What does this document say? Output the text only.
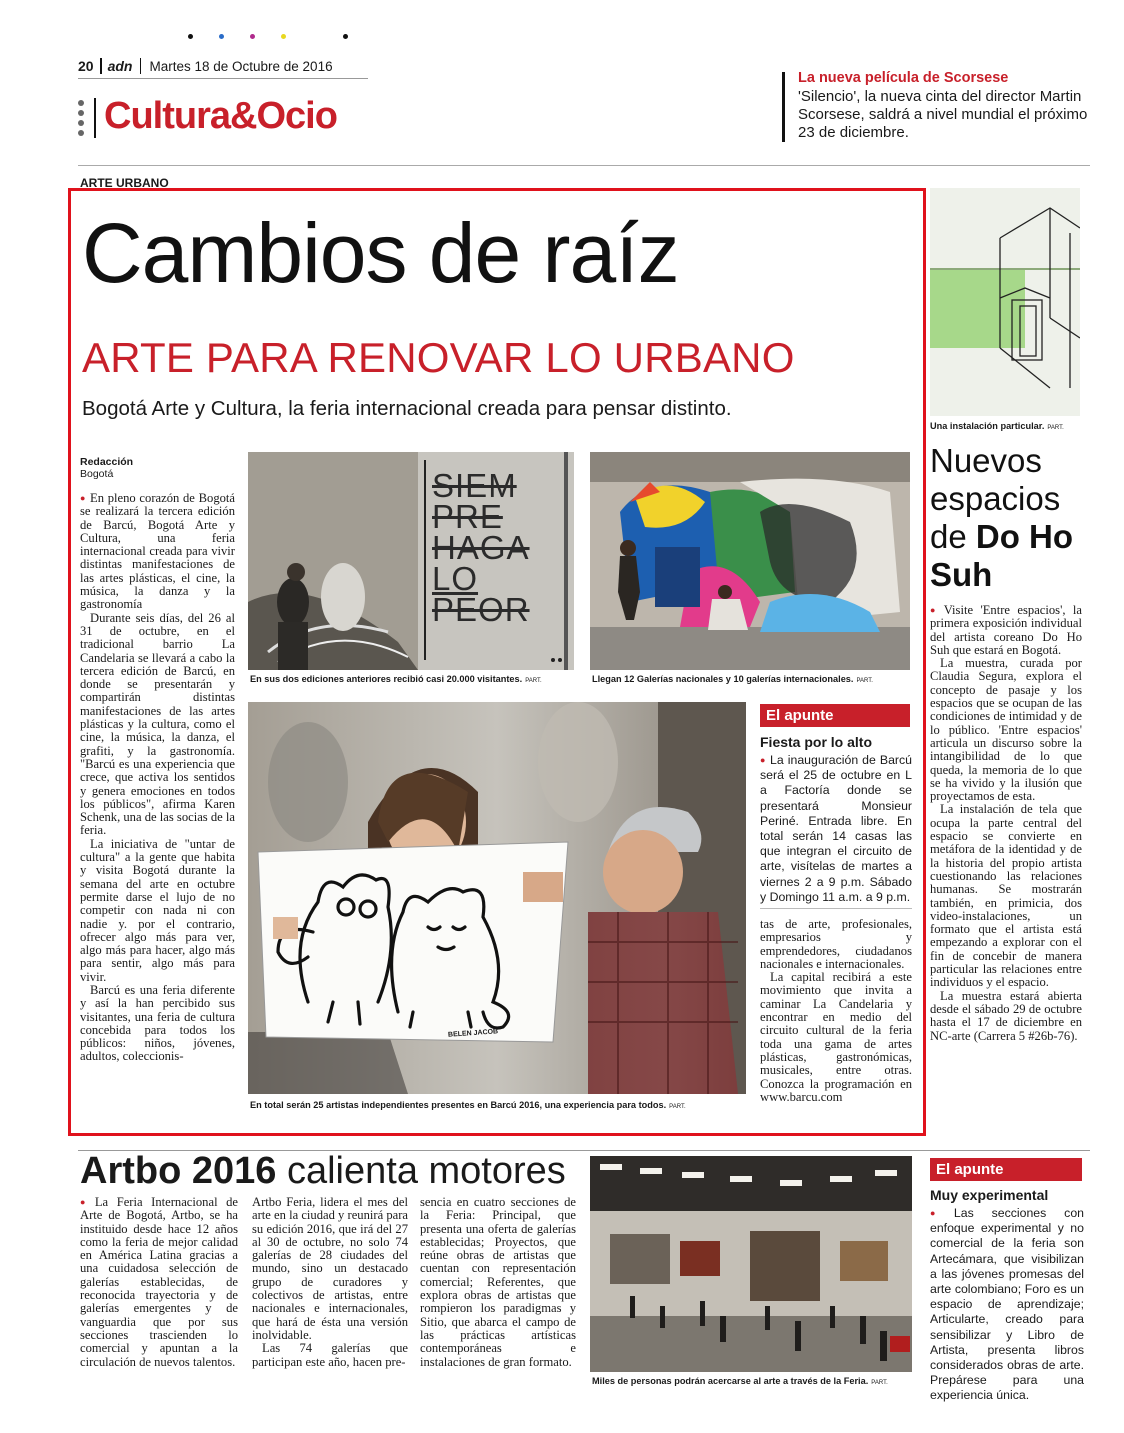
20 adn Martes 18 de Octubre de 2016
Cultura&Ocio
La nueva película de Scorsese
'Silencio', la nueva cinta del director Martin Scorsese, saldrá a nivel mundial el próximo 23 de diciembre.
ARTE URBANO
Cambios de raíz
ARTE PARA RENOVAR LO URBANO
Bogotá Arte y Cultura, la feria internacional creada para pensar distinto.
Redacción
Bogotá

● En pleno corazón de Bogotá se realizará la tercera edición de Barcú, Bogotá Arte y Cultura, una feria internacional creada para vivir distintas manifestaciones de las artes plásticas, el cine, la música, la danza y la gastronomía

Durante seis días, del 26 al 31 de octubre, en el tradicional barrio La Candelaria se llevará a cabo la tercera edición de Barcú, en donde se presentarán y compartirán distintas manifestaciones de las artes plásticas y la cultura, como el cine, la música, la danza, el grafiti, y la gastronomía. "Barcú es una experiencia que crece, que activa los sentidos y genera emociones en todos los públicos", afirma Karen Schenk, una de las socias de la feria.

La iniciativa de "untar de cultura" a la gente que habita y visita Bogotá durante la semana del arte en octubre permite darse el lujo de no competir con nada ni con nadie y. por el contrario, ofrecer algo más para ver, algo más para hacer, algo más para sentir, algo más para vivir.

Barcú es una feria diferente y así la han percibido sus visitantes, una feria de cultura concebida para todos los públicos: niños, jóvenes, adultos, coleccionis-

SIEM
PRE
HAGA
LO
PEOR
En sus dos ediciones anteriores recibió casi 20.000 visitantes. PART.	Llegan 12 Galerías nacionales y 10 galerías internacionales. PART.
BELEN JACOB
En total serán 25 artistas independientes presentes en Barcú 2016, una experiencia para todos. PART.
El apunte
Fiesta por lo alto
● La inauguración de Barcú será el 25 de octubre en L a Factoría donde se presentará Monsieur Periné. Entrada libre. En total serán 14 casas las que integran el circuito de arte, visítelas de martes a viernes 2 a 9 p.m. Sábado y Domingo 11 a.m. a 9 p.m.

tas de arte, profesionales, empresarios y emprendedores, ciudadanos nacionales e internacionales.

La capital recibirá a este movimiento que invita a caminar La Candelaria y encontrar en medio del circuito cultural de la feria toda una gama de artes plásticas, gastronómicas, musicales, entre otras. Conozca la programación en www.barcu.com

Una instalación particular. PART.
Nuevos espacios de Do Ho Suh

● Visite 'Entre espacios', la primera exposición individual del artista coreano Do Ho Suh que estará en Bogotá.

La muestra, curada por Claudia Segura, explora el concepto de pasaje y los espacios que se ocupan de las condiciones de intimidad y de lo público. 'Entre espacios' articula un discurso sobre la intangibilidad de lo que queda, la memoria de lo que se ha vivido y la ilusión que proyectamos de esta.

La instalación de tela que ocupa la parte central del espacio se convierte en metáfora de la identidad y de la historia del propio artista cuestionando las relaciones humanas. Se mostrarán también, en primicia, dos video-instalaciones, un formato que el artista está empezando a explorar con el fin de concebir de manera particular las relaciones entre individuos y el espacio.

La muestra estará abierta desde el sábado 29 de octubre hasta el 17 de diciembre en NC-arte (Carrera 5 #26b-76).

Artbo 2016 calienta motores
● La Feria Internacional de Arte de Bogotá, Artbo, se ha instituido desde hace 12 años como la feria de mejor calidad en América Latina gracias a una cuidadosa selección de galerías establecidas, de reconocida trayectoria y de galerías emergentes y de vanguardia que por sus secciones trascienden lo comercial y apuntan a la circulación de nuevos talentos.

Artbo Feria, lidera el mes del arte en la ciudad y reunirá para su edición 2016, que irá del 27 al 30 de octubre, no solo 74 galerías de 28 ciudades del mundo, sino un destacado grupo de curadores y colectivos de artistas, entre nacionales e internacionales, que hará de ésta una versión inolvidable.

Las 74 galerías que participan este año, hacen pre-

sencia en cuatro secciones de la Feria: Principal, que presenta una oferta de galerías establecidas; Proyectos, que reúne obras de artistas que cuentan con representación comercial; Referentes, que explora obras de artistas que rompieron los paradigmas y Sitio, que abarca el campo de las prácticas artísticas contemporáneas e instalaciones de gran formato.
Miles de personas podrán acercarse al arte a través de la Feria. PART.
El apunte
Muy experimental
● Las secciones con enfoque experimental y no comercial de la feria son Artecámara, que visibilizan a las jóvenes promesas del arte colombiano; Foro es un espacio de aprendizaje; Articularte, creado para sensibilizar y Libro de Artista, presenta libros considerados obras de arte. Prepárese para una experiencia única.
